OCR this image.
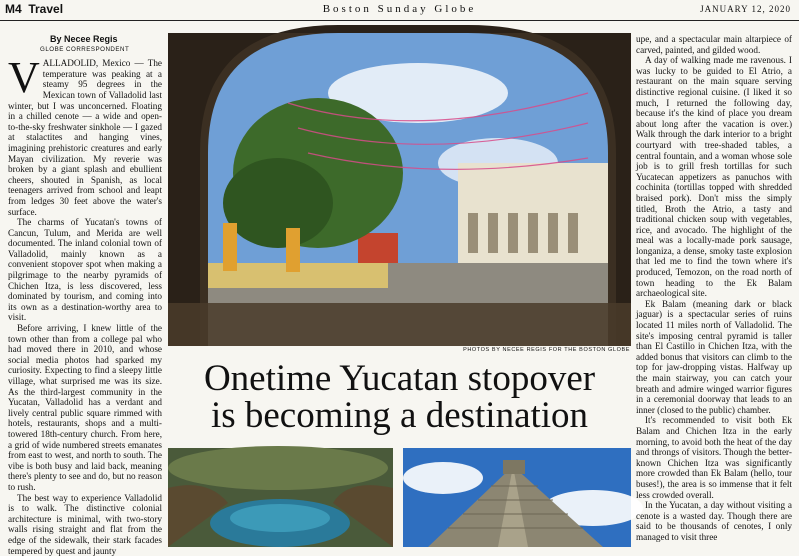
M4 Travel	Boston Sunday Globe	JANUARY 12, 2020
By Necee Regis
GLOBE CORRESPONDENT

VALLADOLID, Mexico — The temperature was peaking at a steamy 95 degrees in the Mexican town of Valladolid last winter, but I was unconcerned. Floating in a chilled cenote — a wide and open-to-the-sky freshwater sinkhole — I gazed at stalactites and hanging vines, imagining prehistoric creatures and early Mayan civilization. My reverie was broken by a giant splash and ebullient cheers, shouted in Spanish, as local teenagers arrived from school and leapt from ledges 30 feet above the water's surface.

The charms of Yucatan's towns of Cancun, Tulum, and Merida are well documented. The inland colonial town of Valladolid, mainly known as a convenient stopover spot when making a pilgrimage to the nearby pyramids of Chichen Itza, is less discovered, less dominated by tourism, and coming into its own as a destination-worthy area to visit.

Before arriving, I knew little of the town other than from a college pal who had moved there in 2010, and whose social media photos had sparked my curiosity. Expecting to find a sleepy little village, what surprised me was its size. As the third-largest community in the Yucatan, Valladolid has a verdant and lively central public square rimmed with hotels, restaurants, shops and a multi-towered 18th-century church. From here, a grid of wide numbered streets emanates from east to west, and north to south. The vibe is both busy and laid back, meaning there's plenty to see and do, but no reason to rush.

The best way to experience Valladolid is to walk. The distinctive colonial architecture is minimal, with two-story walls rising straight and flat from the edge of the sidewalk, their stark facades tempered by quest and jaunty

PHOTOS BY NECEE REGIS FOR THE BOSTON GLOBE
Onetime Yucatan stopover
is becoming a destination

upe, and a spectacular main altarpiece of carved, painted, and gilded wood.

A day of walking made me ravenous. I was lucky to be guided to El Atrio, a restaurant on the main square serving distinctive regional cuisine. (I liked it so much, I returned the following day, because it's the kind of place you dream about long after the vacation is over.) Walk through the dark interior to a bright courtyard with tree-shaded tables, a central fountain, and a woman whose sole job is to grill fresh tortillas for such Yucatecan appetizers as panuchos with cochinita (tortillas topped with shredded braised pork). Don't miss the simply titled, Broth the Atrio, a tasty and traditional chicken soup with vegetables, rice, and avocado. The highlight of the meal was a locally-made pork sausage, longaniza, a dense, smoky taste explosion that led me to find the town where it's produced, Temozon, on the road north of town heading to the Ek Balam archaeological site.

Ek Balam (meaning dark or black jaguar) is a spectacular series of ruins located 11 miles north of Valladolid. The site's imposing central pyramid is taller than El Castillo in Chichen Itza, with the added bonus that visitors can climb to the top for jaw-dropping vistas. Halfway up the main stairway, you can catch your breath and admire winged warrior figures in a ceremonial doorway that leads to an inner (closed to the public) chamber.

It's recommended to visit both Ek Balam and Chichen Itza in the early morning, to avoid both the heat of the day and throngs of visitors. Though the better-known Chichen Itza was significantly more crowded than Ek Balam (hello, tour buses!), the area is so immense that it felt less crowded overall.

In the Yucatan, a day without visiting a cenote is a wasted day. Though there are said to be thousands of cenotes, I only managed to visit three
